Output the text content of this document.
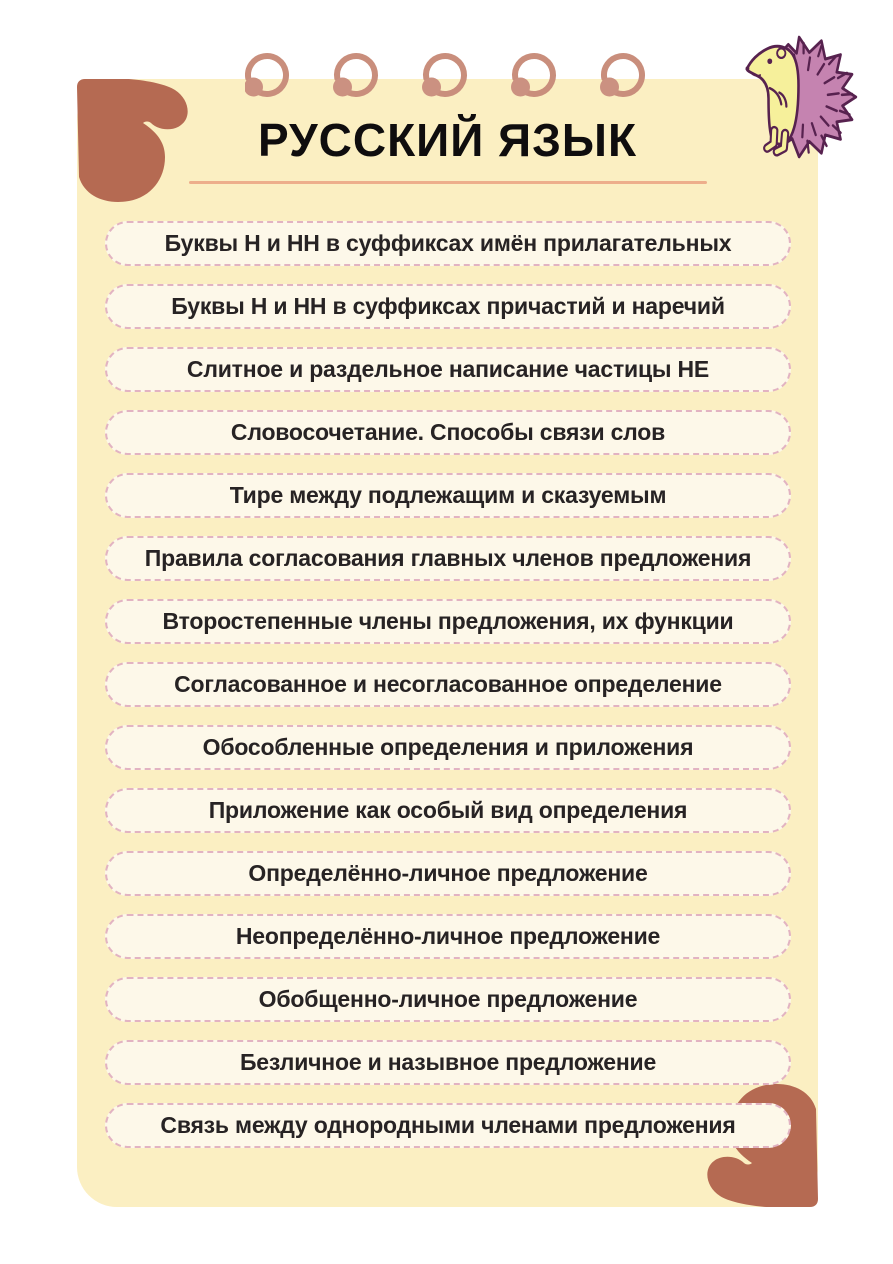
РУССКИЙ ЯЗЫК
Буквы Н и НН в суффиксах имён прилагательных
Буквы Н и НН в суффиксах причастий и наречий
Слитное и раздельное написание частицы НЕ
Словосочетание. Способы связи слов
Тире между подлежащим и сказуемым
Правила согласования главных членов предложения
Второстепенные члены предложения, их функции
Согласованное и несогласованное определение
Обособленные определения и приложения
Приложение как особый вид определения
Определённо-личное предложение
Неопределённо-личное предложение
Обобщенно-личное предложение
Безличное и назывное предложение
Связь между однородными членами предложения
